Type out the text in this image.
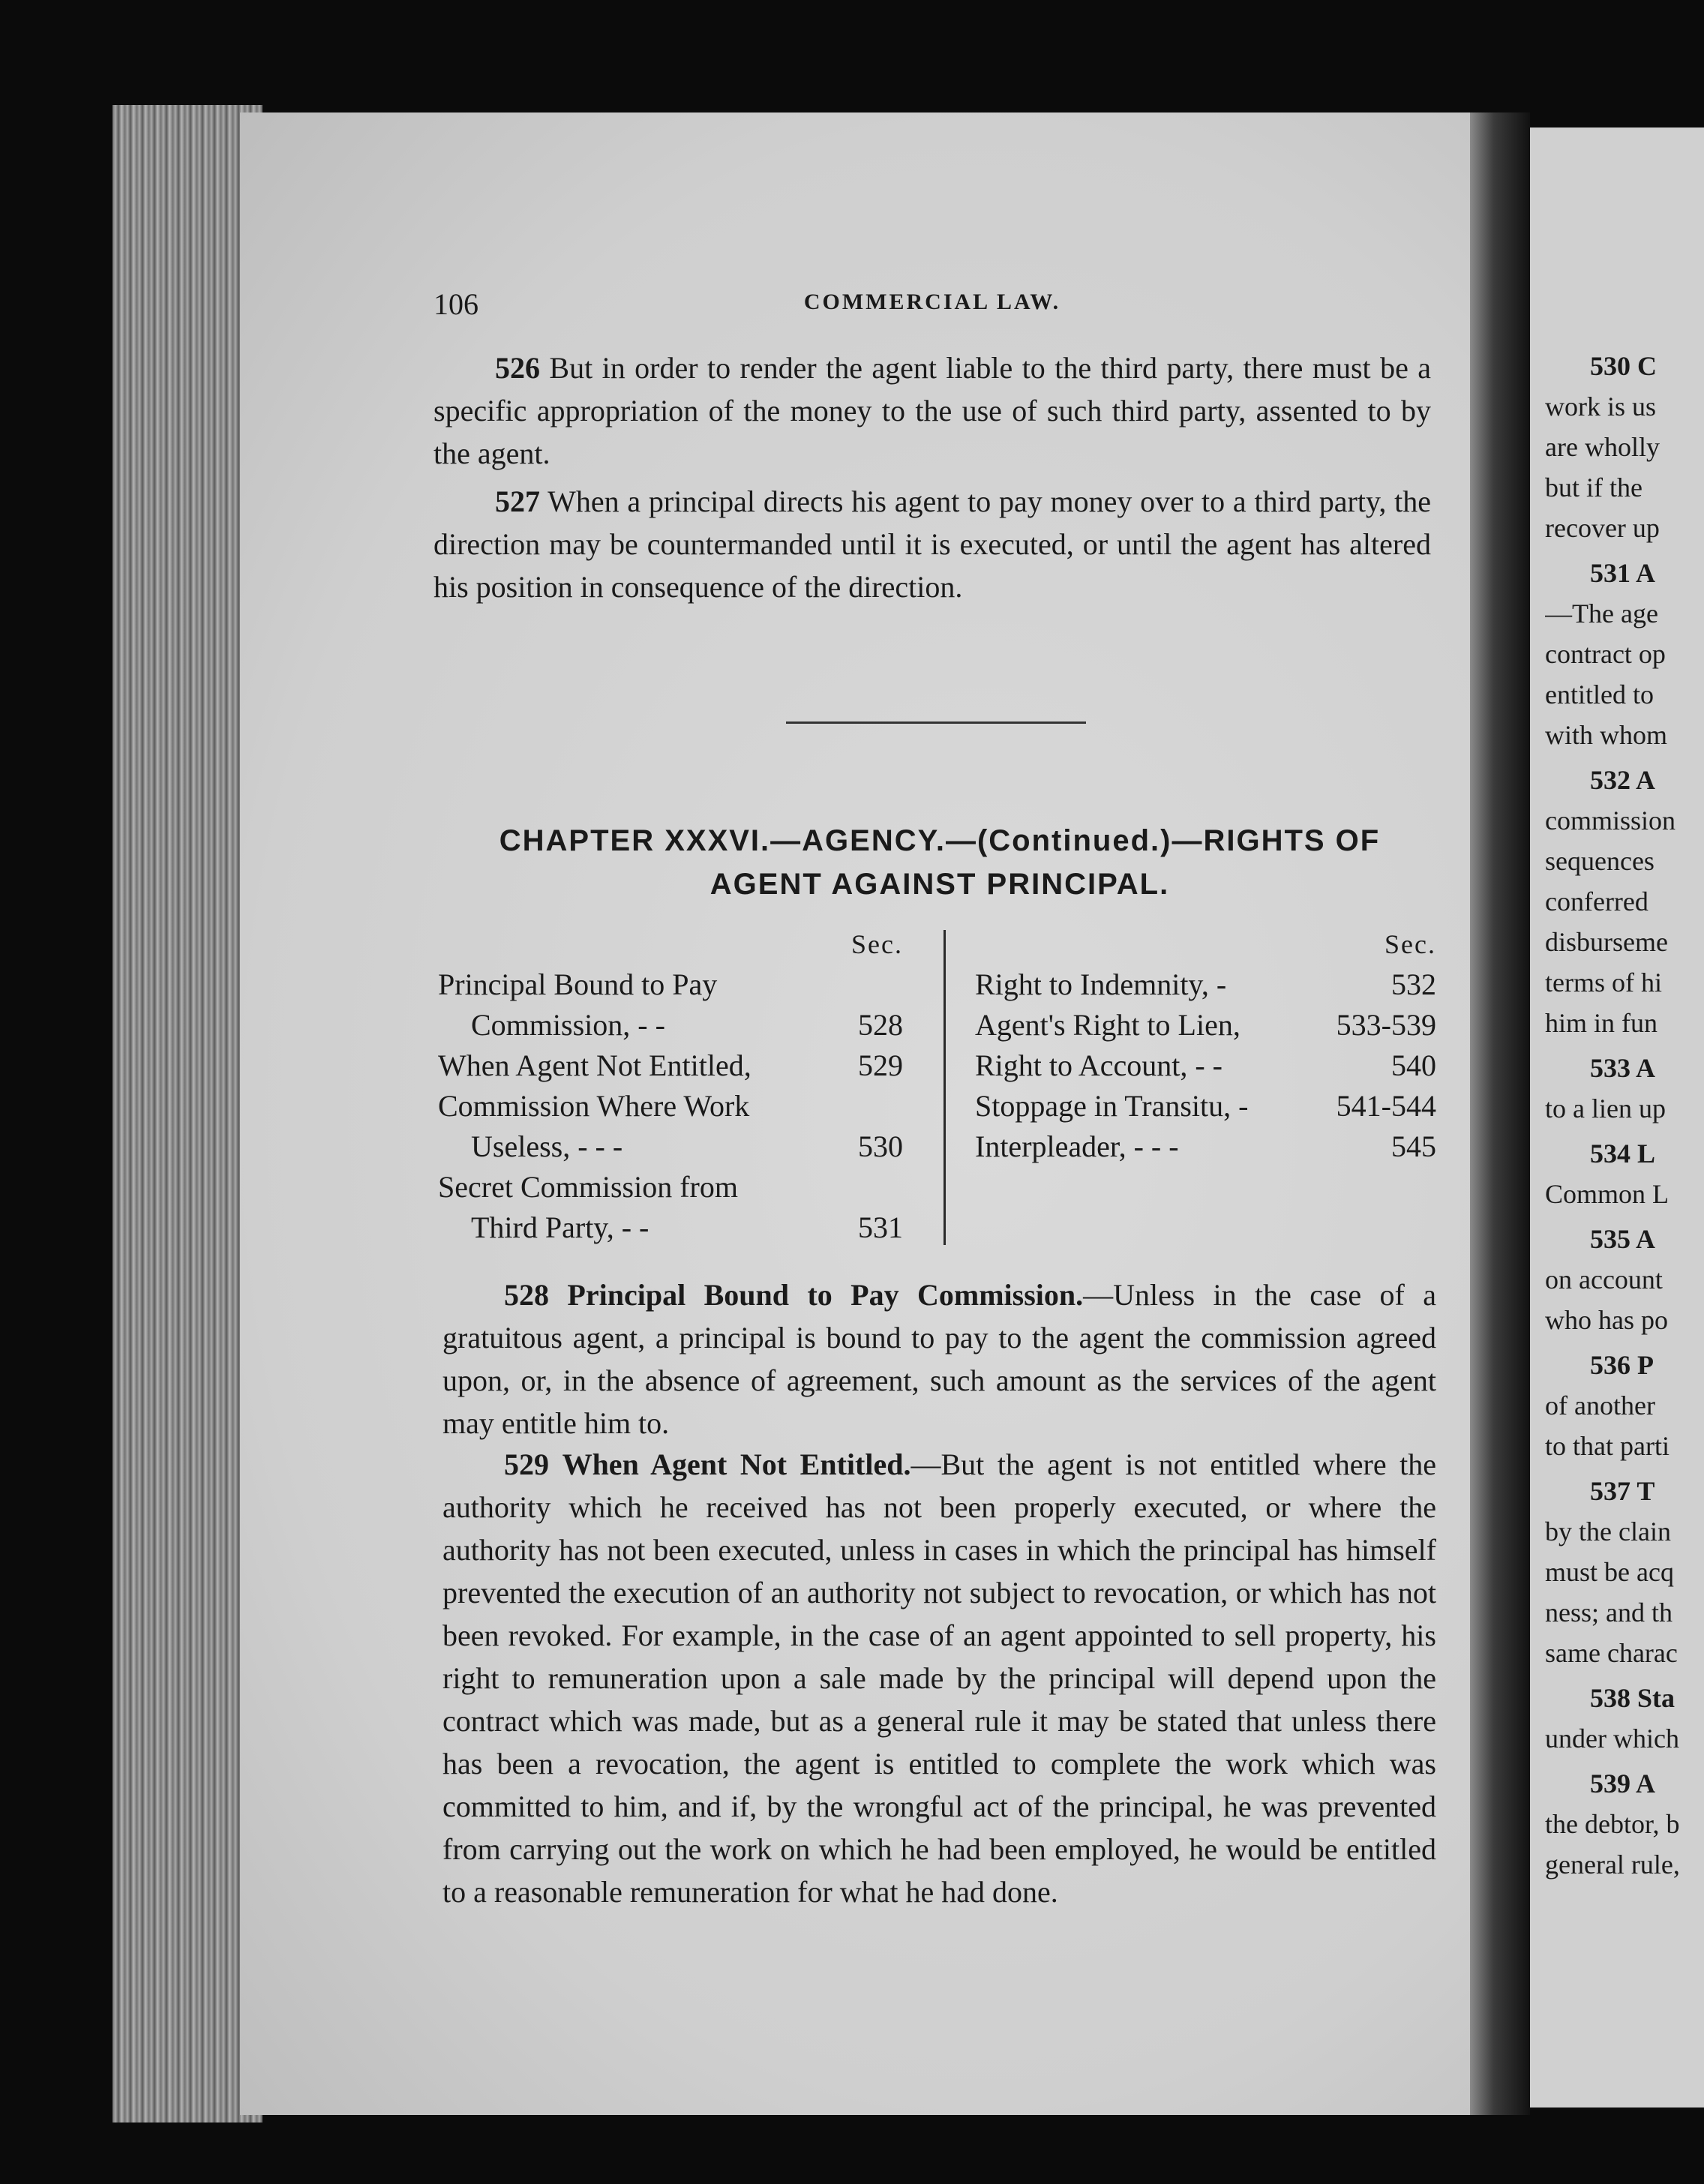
106	COMMERCIAL LAW.

526 But in order to render the agent liable to the third party, there must be a specific appropriation of the money to the use of such third party, assented to by the agent.

527 When a principal directs his agent to pay money over to a third party, the direction may be countermanded until it is executed, or until the agent has altered his position in consequence of the direction.

CHAPTER XXXVI.—AGENCY.—(Continued.)—RIGHTS OF
AGENT AGAINST PRINCIPAL.
Sec.
Principal Bound to Pay
Commission, - -	528
When Agent Not Entitled,	529
Commission Where Work
Useless, - - -	530
Secret Commission from
Third Party, - -	531
Sec.
Right to Indemnity, -	532
Agent's Right to Lien,	533-539
Right to Account, - -	540
Stoppage in Transitu, -	541-544
Interpleader, - - -	545

528 Principal Bound to Pay Commission.—Unless in the case of a gratuitous agent, a principal is bound to pay to the agent the commission agreed upon, or, in the absence of agreement, such amount as the services of the agent may entitle him to.

529 When Agent Not Entitled.—But the agent is not entitled where the authority which he received has not been properly executed, or where the authority has not been executed, unless in cases in which the principal has himself prevented the execution of an authority not subject to revocation, or which has not been revoked. For example, in the case of an agent appointed to sell property, his right to remuneration upon a sale made by the principal will depend upon the contract which was made, but as a general rule it may be stated that unless there has been a revocation, the agent is entitled to complete the work which was committed to him, and if, by the wrongful act of the principal, he was prevented from carrying out the work on which he had been employed, he would be entitled to a reasonable remuneration for what he had done.

530 C
work is us
are wholly
but if the
recover up
531 A
—The age
contract op
entitled to
with whom
532 A
commission
sequences
conferred
disburseme
terms of hi
him in fun
533 A
to a lien up
534 L
Common L
535 A
on account
who has po
536 P
of another
to that parti
537 T
by the clain
must be acq
ness; and th
same charac
538 Sta
under which
539 A
the debtor, b
general rule,
